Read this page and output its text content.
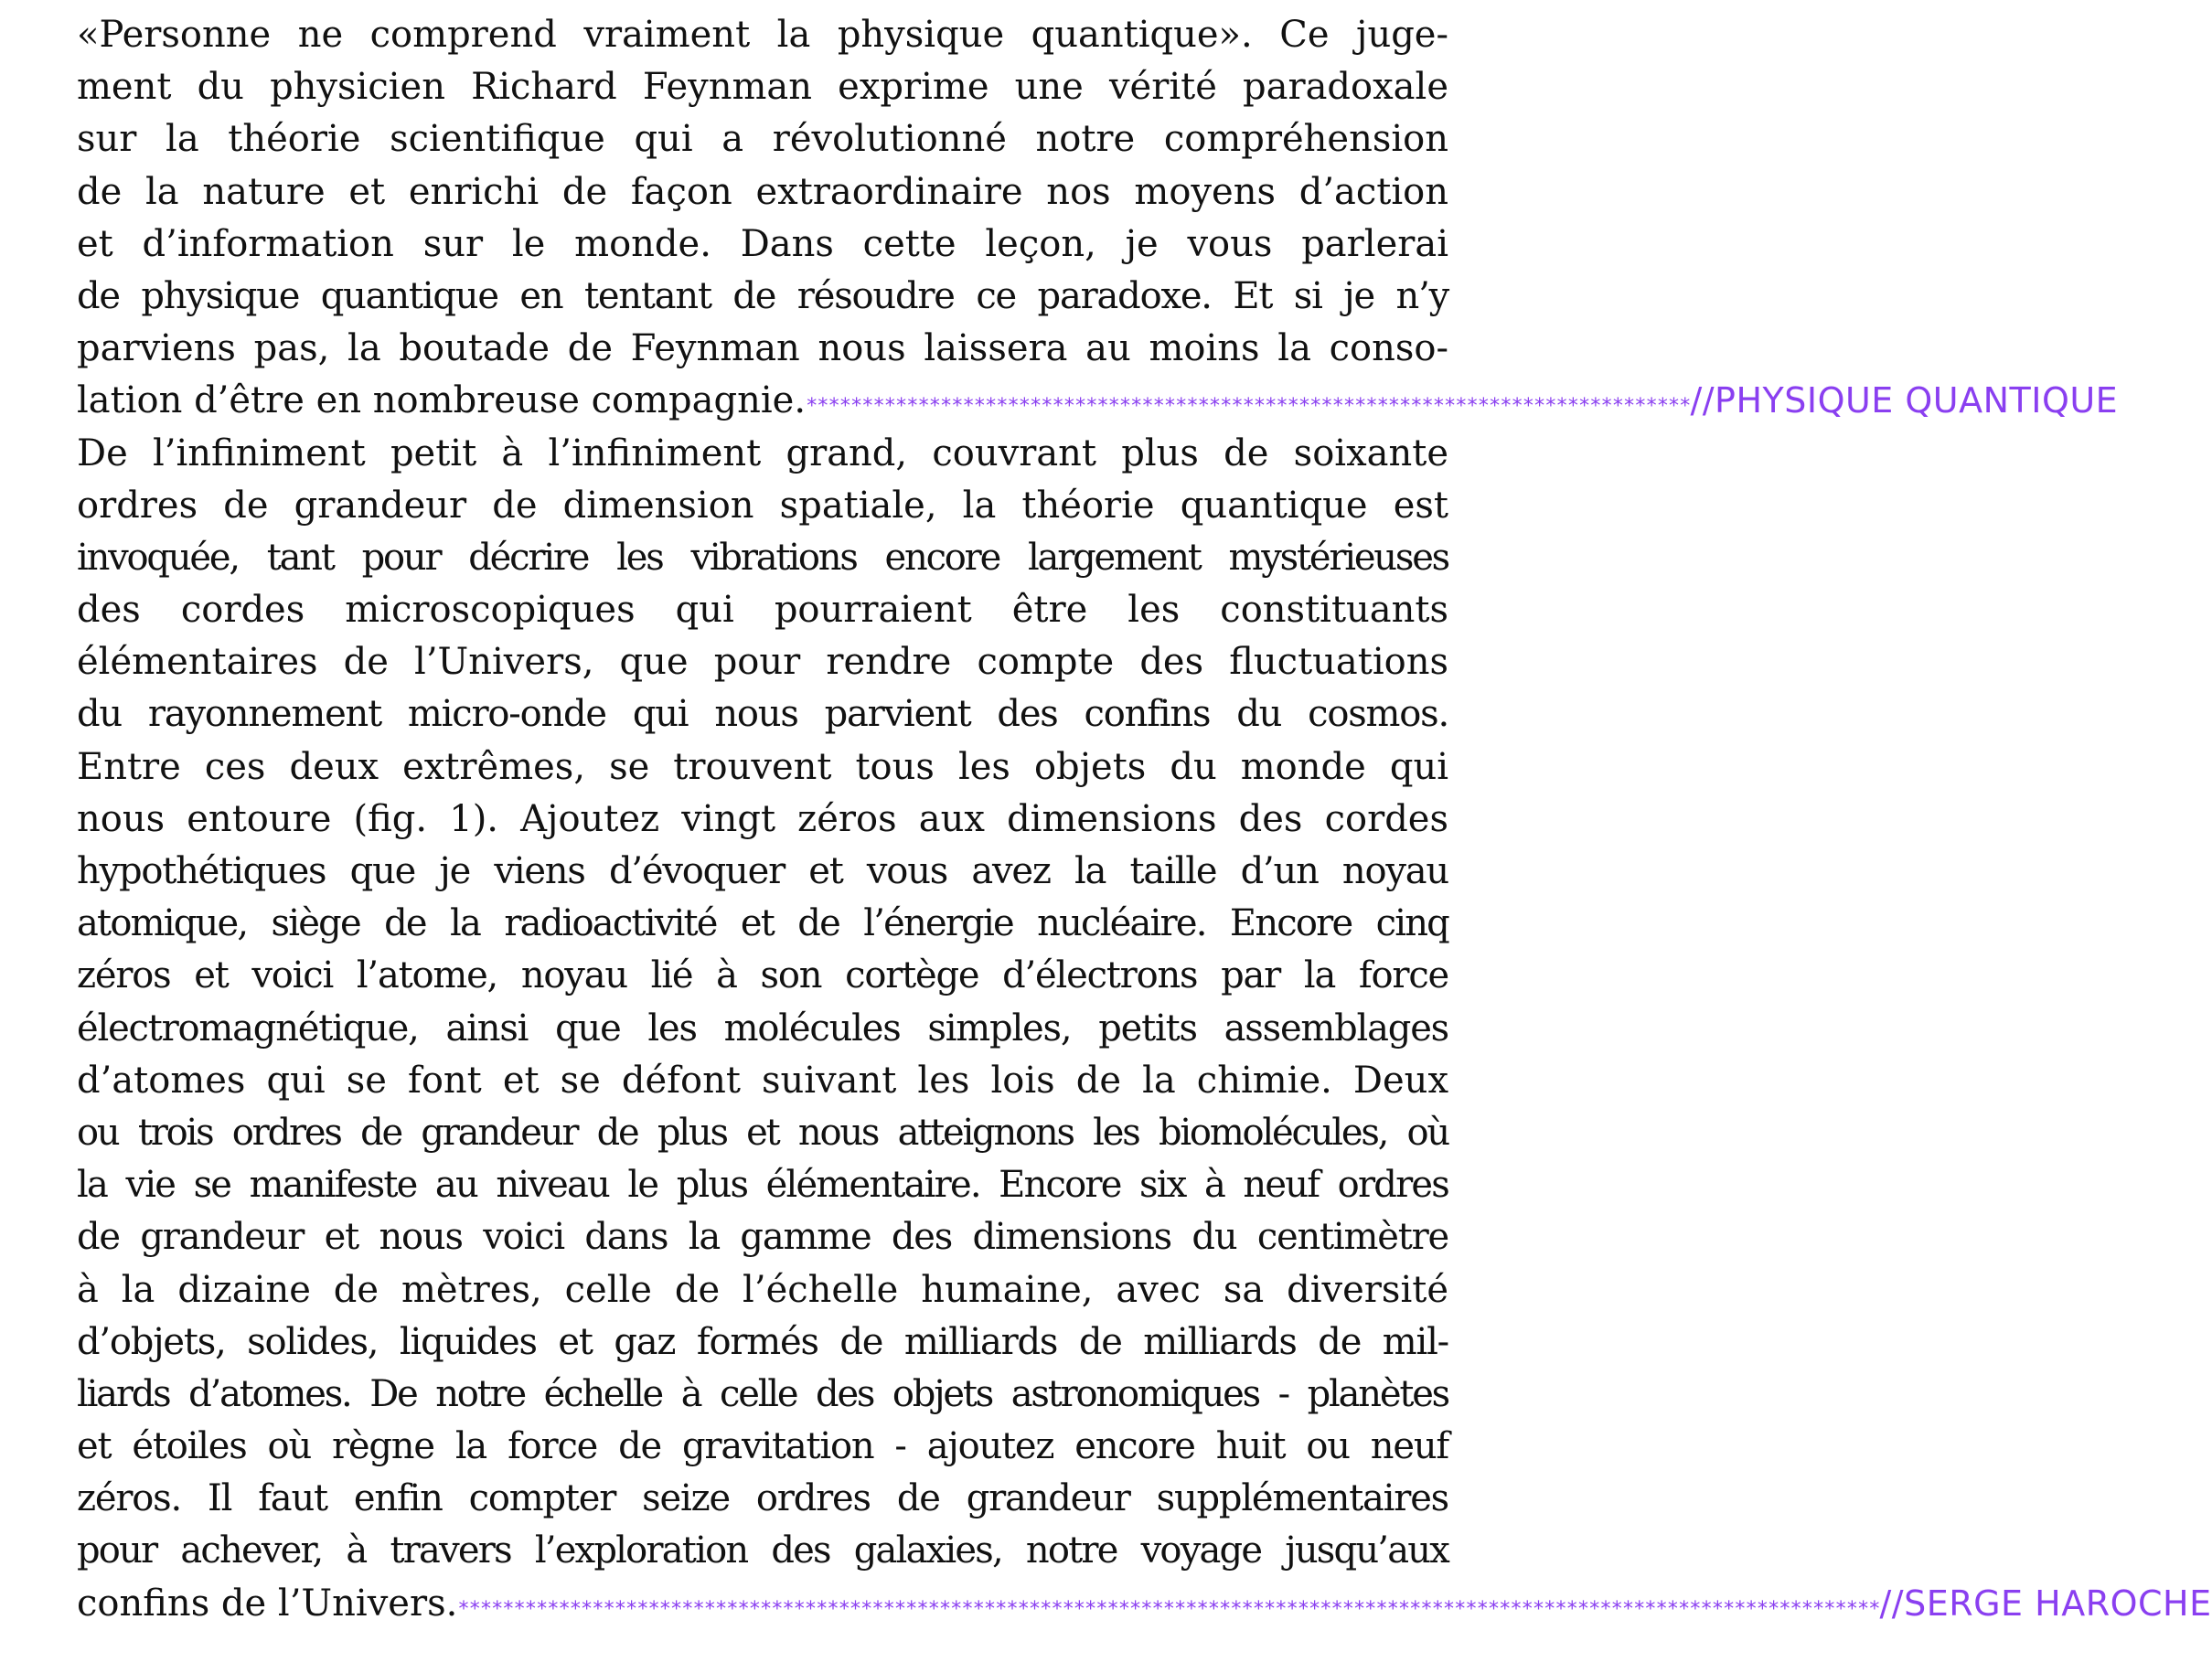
«Personne ne comprend vraiment la physique quantique». Ce juge-
ment du physicien Richard Feynman exprime une vérité paradoxale
sur la théorie scientifique qui a révolutionné notre compréhension
de la nature et enrichi de façon extraordinaire nos moyens d’action
et d’information sur le monde. Dans cette leçon, je vous parlerai
de physique quantique en tentant de résoudre ce paradoxe. Et si je n’y
parviens pas, la boutade de Feynman nous laissera au moins la conso-
lation d’être en nombreuse compagnie. ******************************************************************************* //PHYSIQUE QUANTIQUE
De l’infiniment petit à l’infiniment grand, couvrant plus de soixante
ordres de grandeur de dimension spatiale, la théorie quantique est
invoquée, tant pour décrire les vibrations encore largement mystérieuses
des cordes microscopiques qui pourraient être les constituants
élémentaires de l’Univers, que pour rendre compte des fluctuations
du rayonnement micro-onde qui nous parvient des confins du cosmos.
Entre ces deux extrêmes, se trouvent tous les objets du monde qui
nous entoure (fig. 1). Ajoutez vingt zéros aux dimensions des cordes
hypothétiques que je viens d’évoquer et vous avez la taille d’un noyau
atomique, siège de la radioactivité et de l’énergie nucléaire. Encore cinq
zéros et voici l’atome, noyau lié à son cortège d’électrons par la force
électromagnétique, ainsi que les molécules simples, petits assemblages
d’atomes qui se font et se défont suivant les lois de la chimie. Deux
ou trois ordres de grandeur de plus et nous atteignons les biomolécules, où
la vie se manifeste au niveau le plus élémentaire. Encore six à neuf ordres
de grandeur et nous voici dans la gamme des dimensions du centimètre
à la dizaine de mètres, celle de l’échelle humaine, avec sa diversité
d’objets, solides, liquides et gaz formés de milliards de milliards de mil-
liards d’atomes. De notre échelle à celle des objets astronomiques - planètes
et étoiles où règne la force de gravitation - ajoutez encore huit ou neuf
zéros. Il faut enfin compter seize ordres de grandeur supplémentaires
pour achever, à travers l’exploration des galaxies, notre voyage jusqu’aux
confins de l’Univers. ******************************************************************************************************************************* //SERGE HAROCHE
